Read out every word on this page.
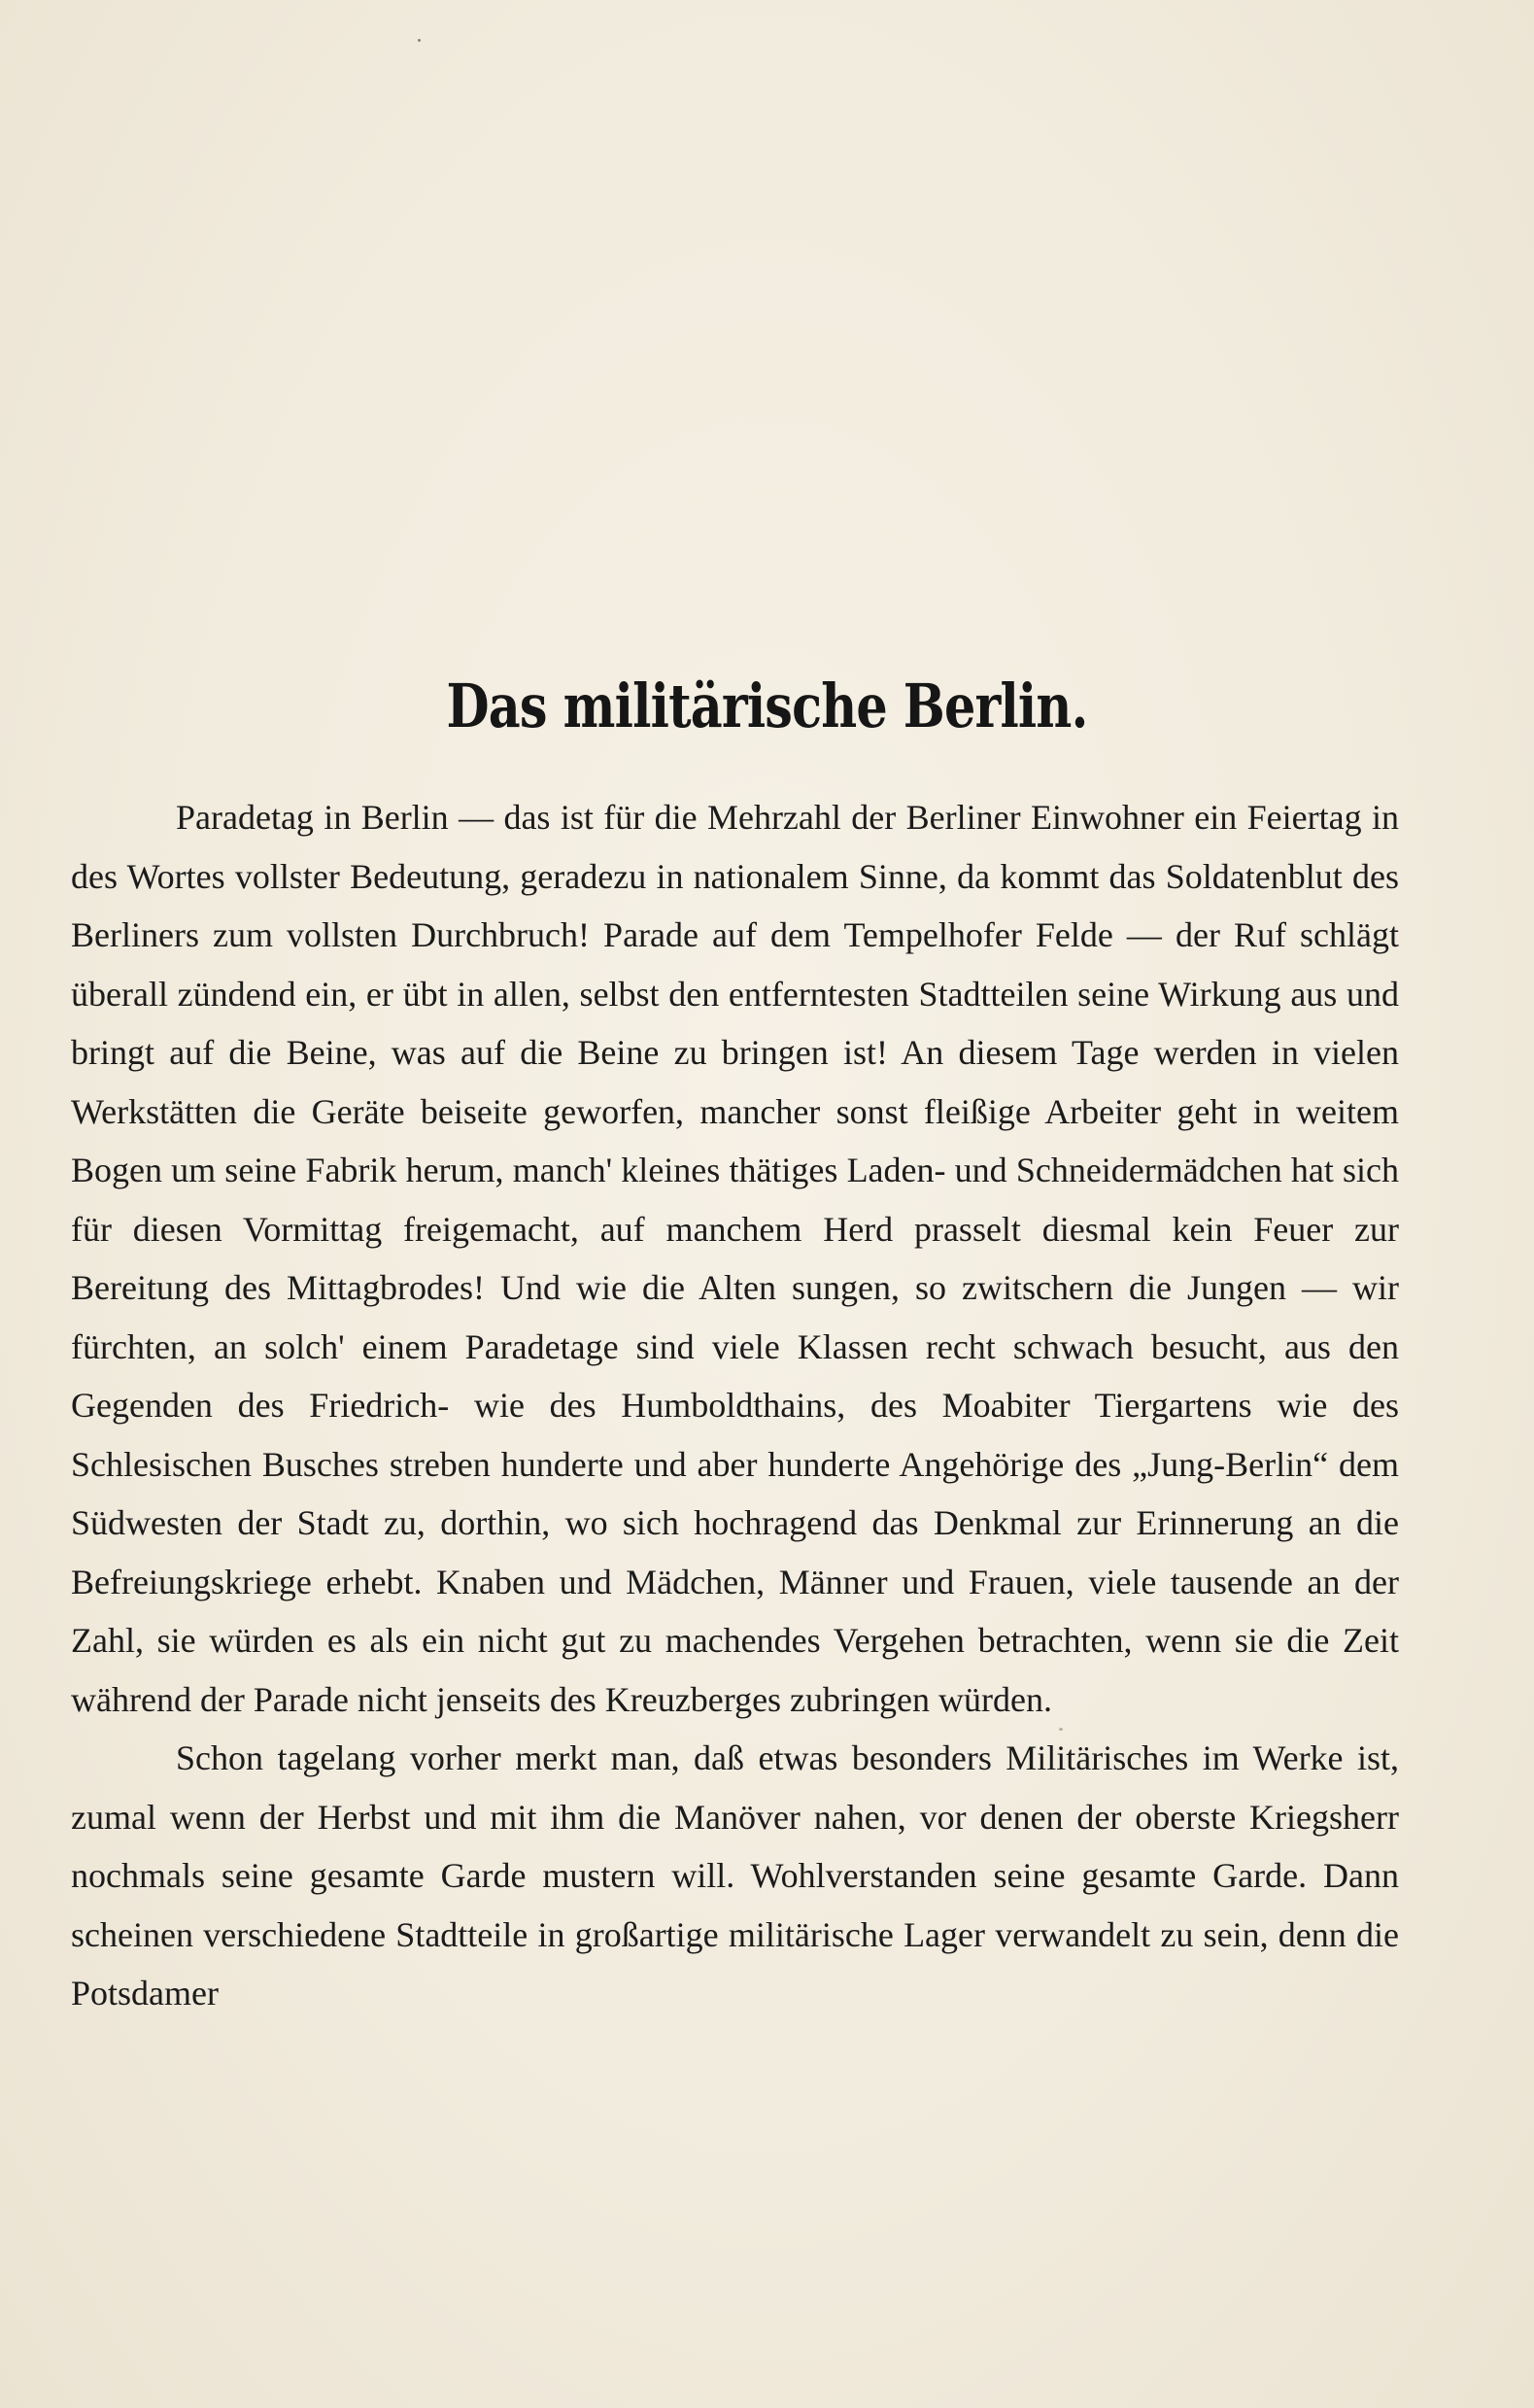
Das militärische Berlin.

Paradetag in Berlin — das ist für die Mehrzahl der Berliner Einwohner ein Feiertag in des Wortes vollster Bedeutung, geradezu in nationalem Sinne, da kommt das Soldatenblut des Berliners zum vollsten Durchbruch! Parade auf dem Tempelhofer Felde — der Ruf schlägt überall zündend ein, er übt in allen, selbst den entferntesten Stadtteilen seine Wirkung aus und bringt auf die Beine, was auf die Beine zu bringen ist! An diesem Tage werden in vielen Werkstätten die Geräte beiseite geworfen, mancher sonst fleißige Arbeiter geht in weitem Bogen um seine Fabrik herum, manch' kleines thätiges Laden- und Schneidermädchen hat sich für diesen Vormittag freigemacht, auf manchem Herd prasselt diesmal kein Feuer zur Bereitung des Mittagbrodes! Und wie die Alten sungen, so zwitschern die Jungen — wir fürchten, an solch' einem Paradetage sind viele Klassen recht schwach besucht, aus den Gegenden des Friedrich- wie des Humboldthains, des Moabiter Tiergartens wie des Schlesischen Busches streben hunderte und aber hunderte Angehörige des „Jung-Berlin“ dem Südwesten der Stadt zu, dorthin, wo sich hochragend das Denkmal zur Erinnerung an die Befreiungskriege erhebt. Knaben und Mädchen, Männer und Frauen, viele tausende an der Zahl, sie würden es als ein nicht gut zu machendes Vergehen betrachten, wenn sie die Zeit während der Parade nicht jenseits des Kreuzberges zubringen würden.

Schon tagelang vorher merkt man, daß etwas besonders Militärisches im Werke ist, zumal wenn der Herbst und mit ihm die Manöver nahen, vor denen der oberste Kriegsherr nochmals seine gesamte Garde mustern will. Wohlverstanden seine gesamte Garde. Dann scheinen verschiedene Stadtteile in großartige militärische Lager verwandelt zu sein, denn die Potsdamer
